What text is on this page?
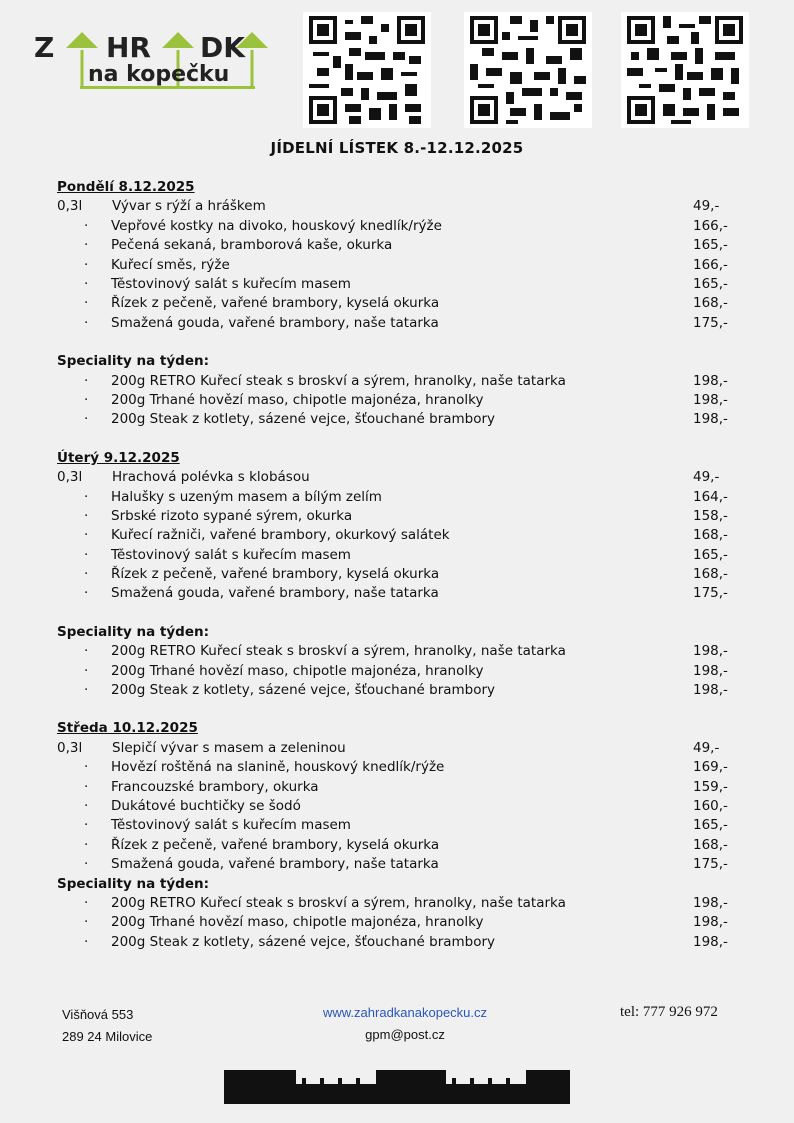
Z HR DK
na kopečku
JÍDELNÍ LÍSTEK 8.-12.12.2025
Pondělí 8.12.2025
0,3l	Vývar s rýží a hráškem	49,-
· Vepřové kostky na divoko, houskový knedlík/rýže	166,-
· Pečená sekaná, bramborová kaše, okurka	165,-
· Kuřecí směs, rýže	166,-
· Těstovinový salát s kuřecím masem	165,-
· Řízek z pečeně, vařené brambory, kyselá okurka	168,-
· Smažená gouda, vařené brambory, naše tatarka	175,-
Speciality na týden:
· 200g RETRO Kuřecí steak s broskví a sýrem, hranolky, naše tatarka	198,-
· 200g Trhané hovězí maso, chipotle majonéza, hranolky	198,-
· 200g Steak z kotlety, sázené vejce, šťouchané brambory	198,-
Úterý 9.12.2025
0,3l	Hrachová polévka s klobásou	49,-
· Halušky s uzeným masem a bílým zelím	164,-
· Srbské rizoto sypané sýrem, okurka	158,-
· Kuřecí ražniči, vařené brambory, okurkový salátek	168,-
· Těstovinový salát s kuřecím masem	165,-
· Řízek z pečeně, vařené brambory, kyselá okurka	168,-
· Smažená gouda, vařené brambory, naše tatarka	175,-
Speciality na týden:
· 200g RETRO Kuřecí steak s broskví a sýrem, hranolky, naše tatarka	198,-
· 200g Trhané hovězí maso, chipotle majonéza, hranolky	198,-
· 200g Steak z kotlety, sázené vejce, šťouchané brambory	198,-
Středa 10.12.2025
0,3l	Slepičí vývar s masem a zeleninou	49,-
· Hovězí roštěná na slanině, houskový knedlík/rýže	169,-
· Francouzské brambory, okurka	159,-
· Dukátové buchtičky se šodó	160,-
· Těstovinový salát s kuřecím masem	165,-
· Řízek z pečeně, vařené brambory, kyselá okurka	168,-
· Smažená gouda, vařené brambory, naše tatarka	175,-
Speciality na týden:
· 200g RETRO Kuřecí steak s broskví a sýrem, hranolky, naše tatarka	198,-
· 200g Trhané hovězí maso, chipotle majonéza, hranolky	198,-
· 200g Steak z kotlety, sázené vejce, šťouchané brambory	198,-
Višňová 553
289 24 Milovice
www.zahradkanakopecku.cz
gpm@post.cz
tel: 777 926 972
